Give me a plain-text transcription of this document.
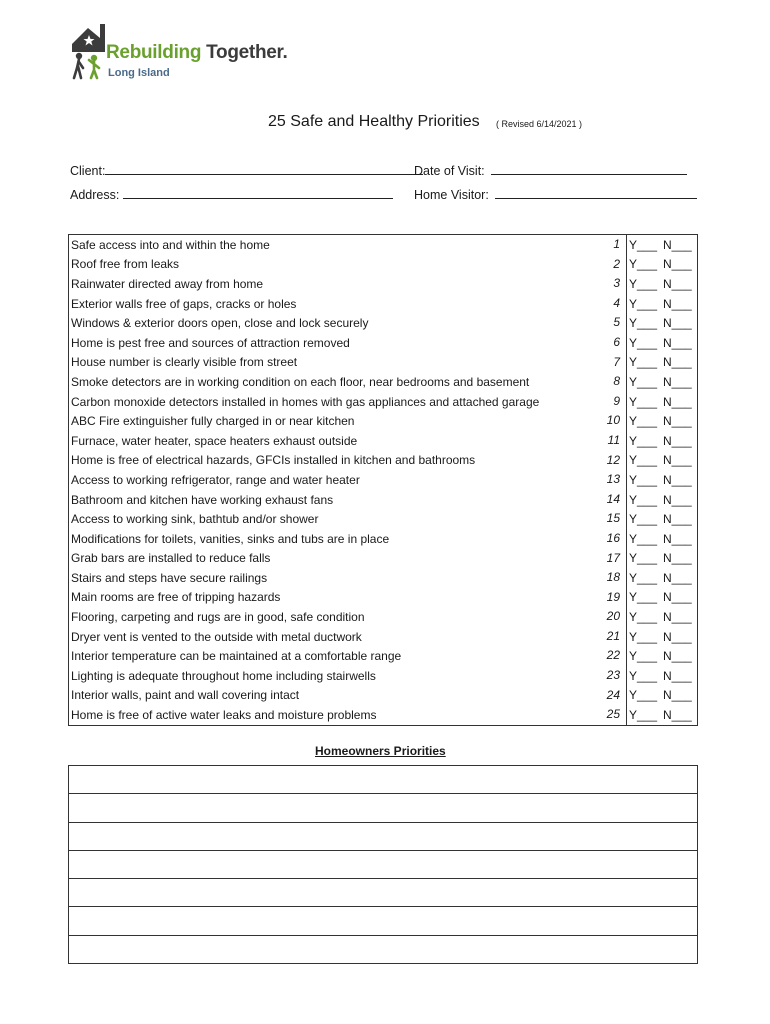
Rebuilding Together.
Long Island
25 Safe and Healthy Priorities ( Revised 6/14/2021 )
Client:	Date of Visit:
Address:	Home Visitor:
Safe access into and within the home	1 Y___ N___
Roof free from leaks	2 Y___ N___
Rainwater directed away from home	3 Y___ N___
Exterior walls free of gaps, cracks or holes	4 Y___ N___
Windows & exterior doors open, close and lock securely	5 Y___ N___
Home is pest free and sources of attraction removed	6 Y___ N___
House number is clearly visible from street	7 Y___ N___
Smoke detectors are in working condition on each floor, near bedrooms and basement	8 Y___ N___
Carbon monoxide detectors installed in homes with gas appliances and attached garage	9 Y___ N___
ABC Fire extinguisher fully charged in or near kitchen	10 Y___ N___
Furnace, water heater, space heaters exhaust outside	11 Y___ N___
Home is free of electrical hazards, GFCIs installed in kitchen and bathrooms	12 Y___ N___
Access to working refrigerator, range and water heater	13 Y___ N___
Bathroom and kitchen have working exhaust fans	14 Y___ N___
Access to working sink, bathtub and/or shower	15 Y___ N___
Modifications for toilets, vanities, sinks and tubs are in place	16 Y___ N___
Grab bars are installed to reduce falls	17 Y___ N___
Stairs and steps have secure railings	18 Y___ N___
Main rooms are free of tripping hazards	19 Y___ N___
Flooring, carpeting and rugs are in good, safe condition	20 Y___ N___
Dryer vent is vented to the outside with metal ductwork	21 Y___ N___
Interior temperature can be maintained at a comfortable range	22 Y___ N___
Lighting is adequate throughout home including stairwells	23 Y___ N___
Interior walls, paint and wall covering intact	24 Y___ N___
Home is free of active water leaks and moisture problems	25 Y___ N___
Homeowners Priorities
